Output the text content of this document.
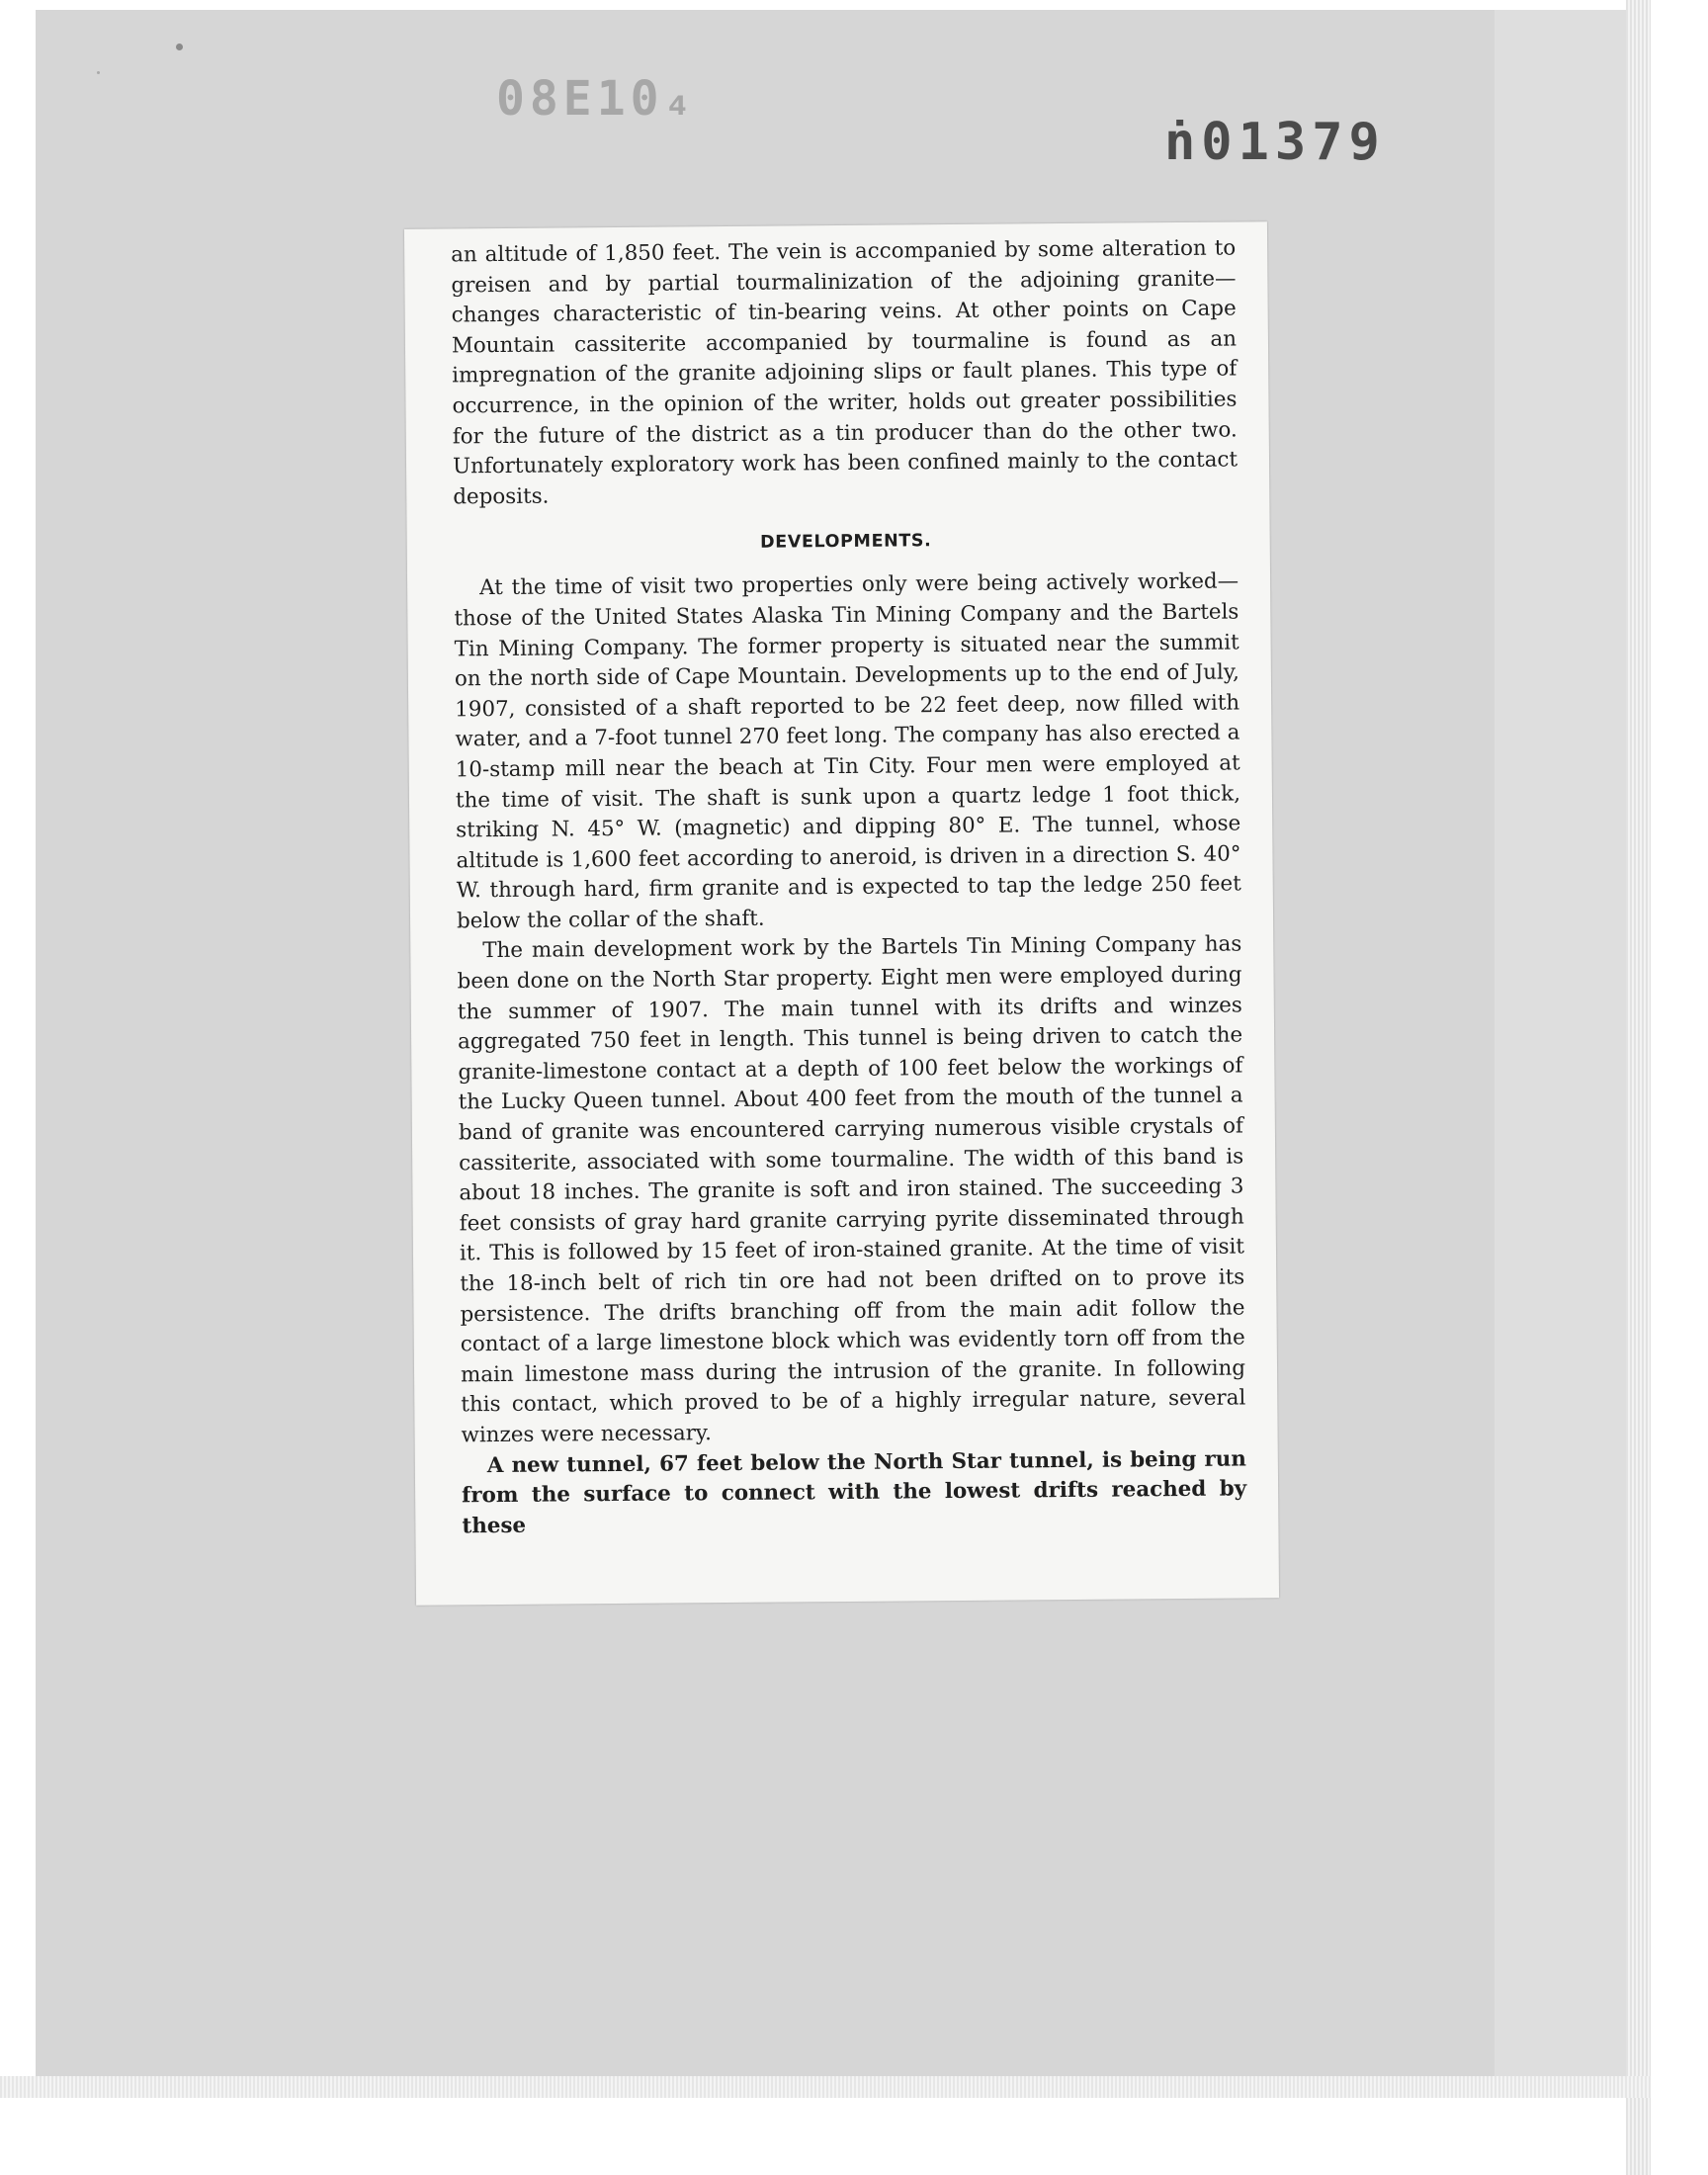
08E10₄
ṅ01379

an altitude of 1,850 feet. The vein is accompanied by some alteration to greisen and by partial tourmalinization of the adjoining granite—changes characteristic of tin-bearing veins. At other points on Cape Mountain cassiterite accompanied by tourmaline is found as an impregnation of the granite adjoining slips or fault planes. This type of occurrence, in the opinion of the writer, holds out greater possibilities for the future of the district as a tin producer than do the other two. Unfortunately exploratory work has been confined mainly to the contact deposits.

DEVELOPMENTS.

At the time of visit two properties only were being actively worked—those of the United States Alaska Tin Mining Company and the Bartels Tin Mining Company. The former property is situated near the summit on the north side of Cape Mountain. Developments up to the end of July, 1907, consisted of a shaft reported to be 22 feet deep, now filled with water, and a 7-foot tunnel 270 feet long. The company has also erected a 10-stamp mill near the beach at Tin City. Four men were employed at the time of visit. The shaft is sunk upon a quartz ledge 1 foot thick, striking N. 45° W. (magnetic) and dipping 80° E. The tunnel, whose altitude is 1,600 feet according to aneroid, is driven in a direction S. 40° W. through hard, firm granite and is expected to tap the ledge 250 feet below the collar of the shaft.

The main development work by the Bartels Tin Mining Company has been done on the North Star property. Eight men were employed during the summer of 1907. The main tunnel with its drifts and winzes aggregated 750 feet in length. This tunnel is being driven to catch the granite-limestone contact at a depth of 100 feet below the workings of the Lucky Queen tunnel. About 400 feet from the mouth of the tunnel a band of granite was encountered carrying numerous visible crystals of cassiterite, associated with some tourmaline. The width of this band is about 18 inches. The granite is soft and iron stained. The succeeding 3 feet consists of gray hard granite carrying pyrite disseminated through it. This is followed by 15 feet of iron-stained granite. At the time of visit the 18-inch belt of rich tin ore had not been drifted on to prove its persistence. The drifts branching off from the main adit follow the contact of a large limestone block which was evidently torn off from the main limestone mass during the intrusion of the granite. In following this contact, which proved to be of a highly irregular nature, several winzes were necessary.

A new tunnel, 67 feet below the North Star tunnel, is being run from the surface to connect with the lowest drifts reached by these
